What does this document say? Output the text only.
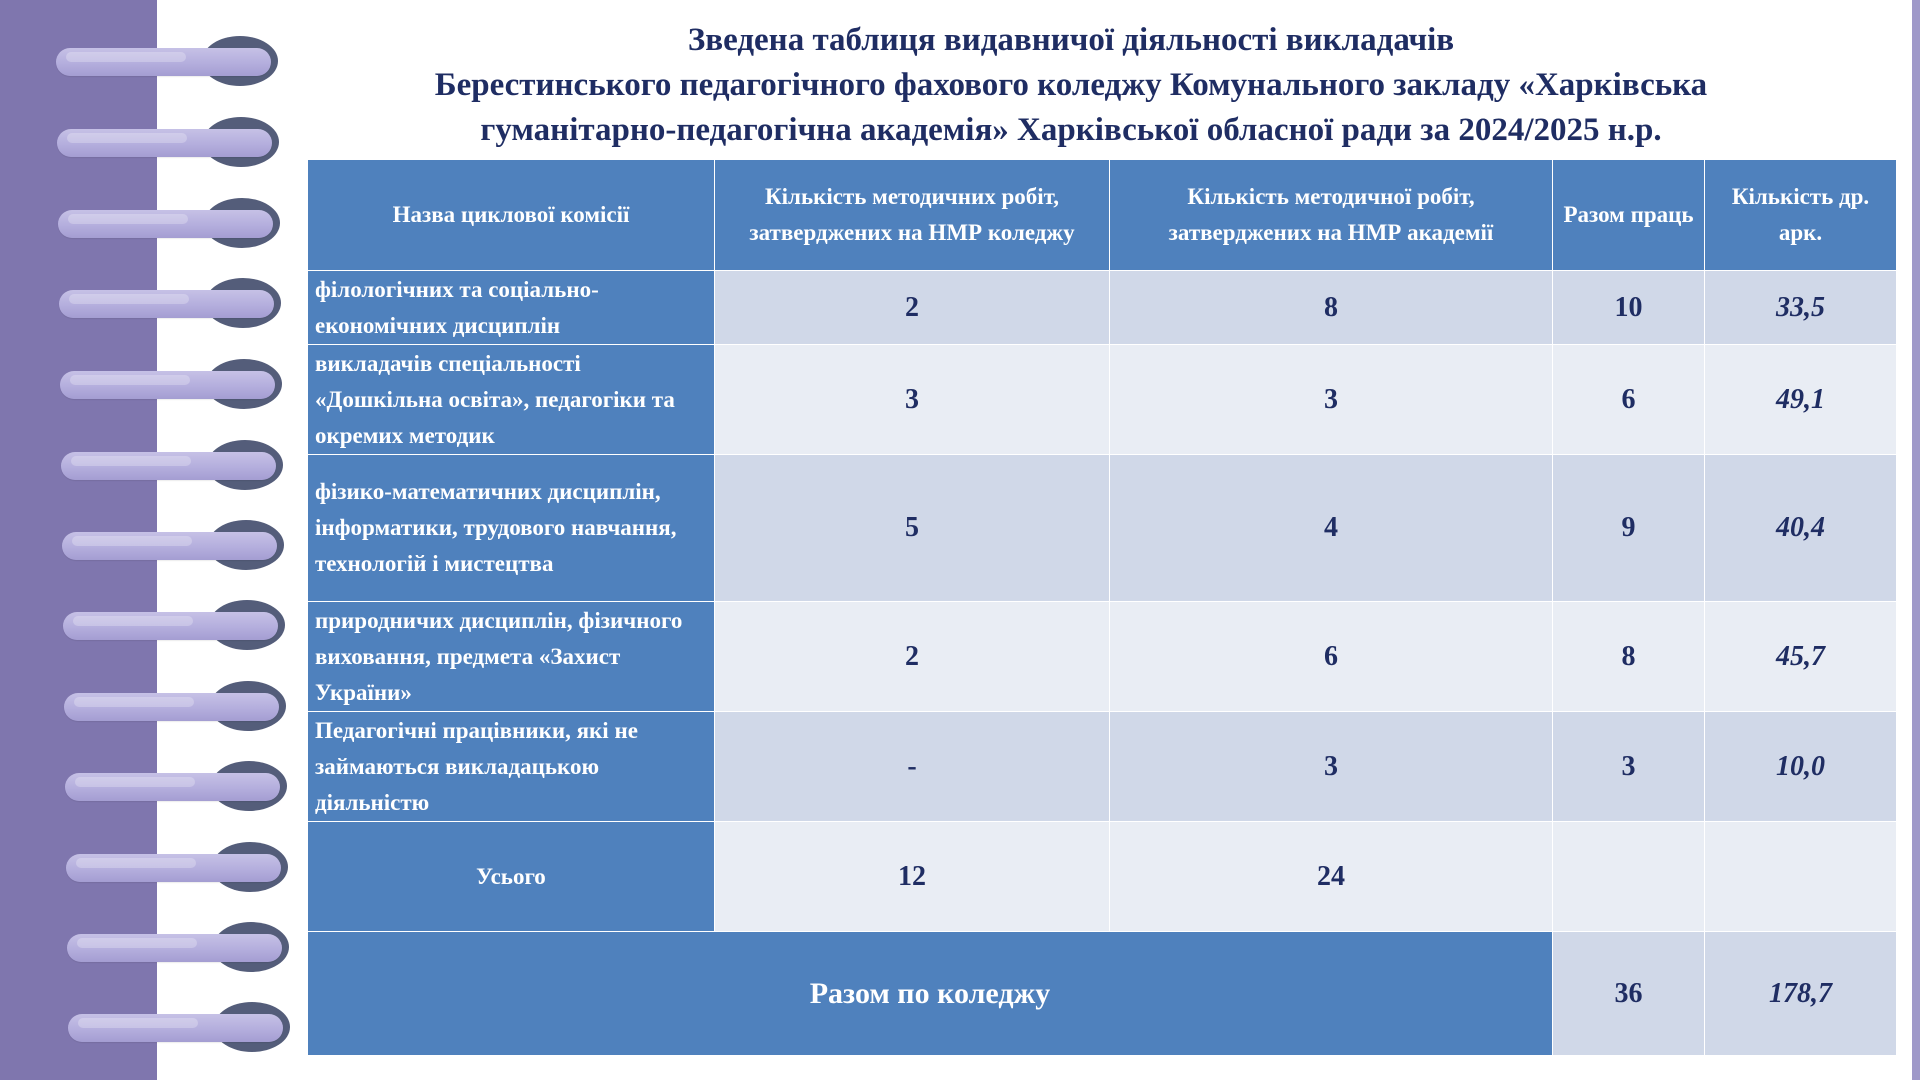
Зведена таблиця видавничої діяльності викладачів
Берестинського педагогічного фахового коледжу Комунального закладу «Харківська
гуманітарно-педагогічна академія» Харківської обласної ради за 2024/2025 н.р.
Назва циклової комісії	Кількість методичних робіт, затверджених на НМР коледжу	Кількість методичної робіт, затверджених на НМР академії	Разом праць	Кількість др. арк.
філологічних та соціально-економічних дисциплін	2	8	10	33,5
викладачів спеціальності «Дошкільна освіта», педагогіки та окремих методик	3	3	6	49,1
фізико-математичних дисциплін, інформатики, трудового навчання, технологій і мистецтва	5	4	9	40,4
природничих дисциплін, фізичного виховання, предмета «Захист України»	2	6	8	45,7
Педагогічні працівники, які не займаються викладацькою діяльністю	-	3	3	10,0
Усього	12	24		
Разом по коледжу			36	178,7
